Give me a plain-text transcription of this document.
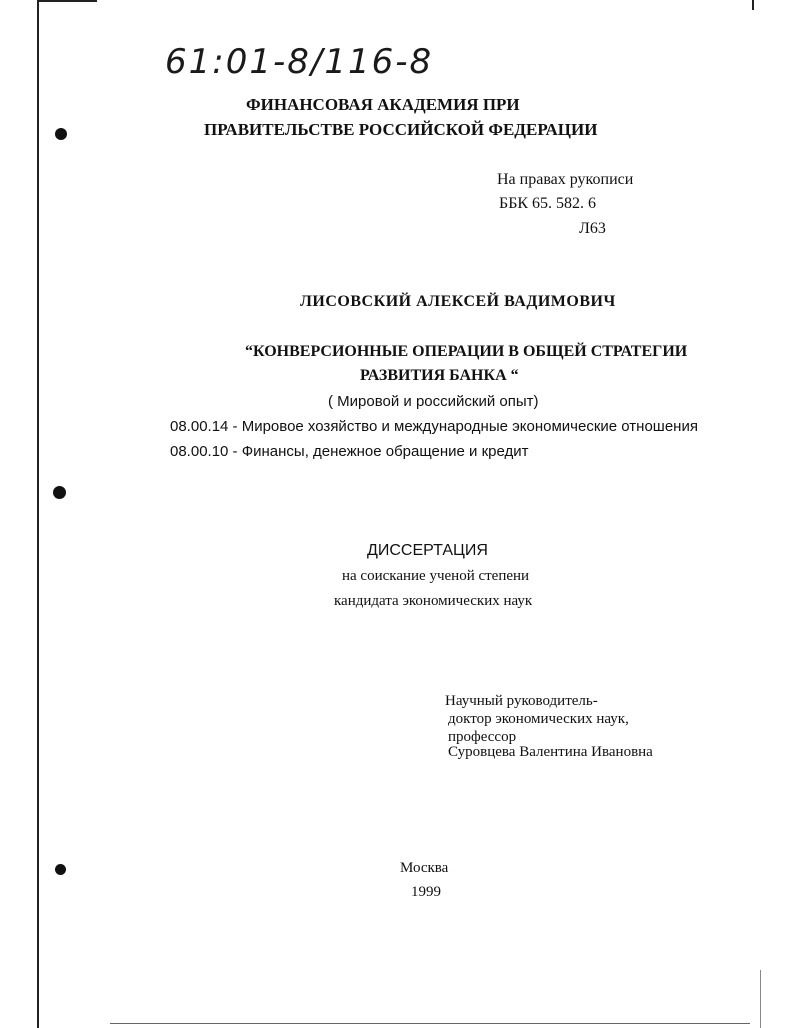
61:01-8/116-8
ФИНАНСОВАЯ АКАДЕМИЯ ПРИ
ПРАВИТЕЛЬСТВЕ РОССИЙСКОЙ ФЕДЕРАЦИИ
На правах рукописи
ББК 65. 582. 6
Л63
ЛИСОВСКИЙ АЛЕКСЕЙ ВАДИМОВИЧ
“КОНВЕРСИОННЫЕ ОПЕРАЦИИ В ОБЩЕЙ СТРАТЕГИИ
РАЗВИТИЯ БАНКА “
( Мировой и российский опыт)
08.00.14 - Мировое хозяйство и международные экономические отношения
08.00.10 - Финансы, денежное обращение и кредит
ДИССЕРТАЦИЯ
на соискание ученой степени
кандидата экономических наук
Научный руководитель-
доктор экономических наук,
профессор
Суровцева Валентина Ивановна
Москва
1999
